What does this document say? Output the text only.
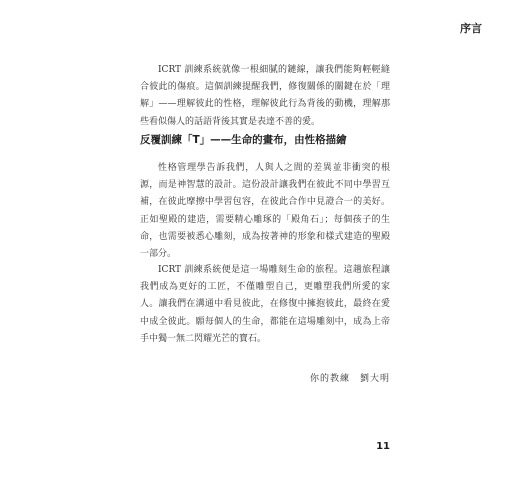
序言

ICRT 訓練系統就像一根細膩的鏈線，讓我們能夠輕輕縫合彼此的傷痕。這個訓練提醒我們，修復關係的關鍵在於「理解」——理解彼此的性格，理解彼此行為背後的動機，理解那些看似傷人的話語背後其實是表達不善的愛。

反覆訓練「T」——生命的畫布，由性格描繪

性格管理學告訴我們，人與人之間的差異並非衝突的根源，而是神智慧的設計。這份設計讓我們在彼此不同中學習互補，在彼此摩擦中學習包容，在彼此合作中見證合一的美好。正如聖殿的建造，需要精心雕琢的「殿角石」；每個孩子的生命，也需要被悉心雕刻，成為按著神的形象和樣式建造的聖殿一部分。

ICRT 訓練系統便是這一場雕刻生命的旅程。這趟旅程讓我們成為更好的工匠，不僅雕塑自己，更雕塑我們所愛的家人。讓我們在溝通中看見彼此，在修復中擁抱彼此，最終在愛中成全彼此。願每個人的生命，都能在這場雕刻中，成為上帝手中獨一無二閃耀光芒的寶石。

你的教練　劉大明
11
